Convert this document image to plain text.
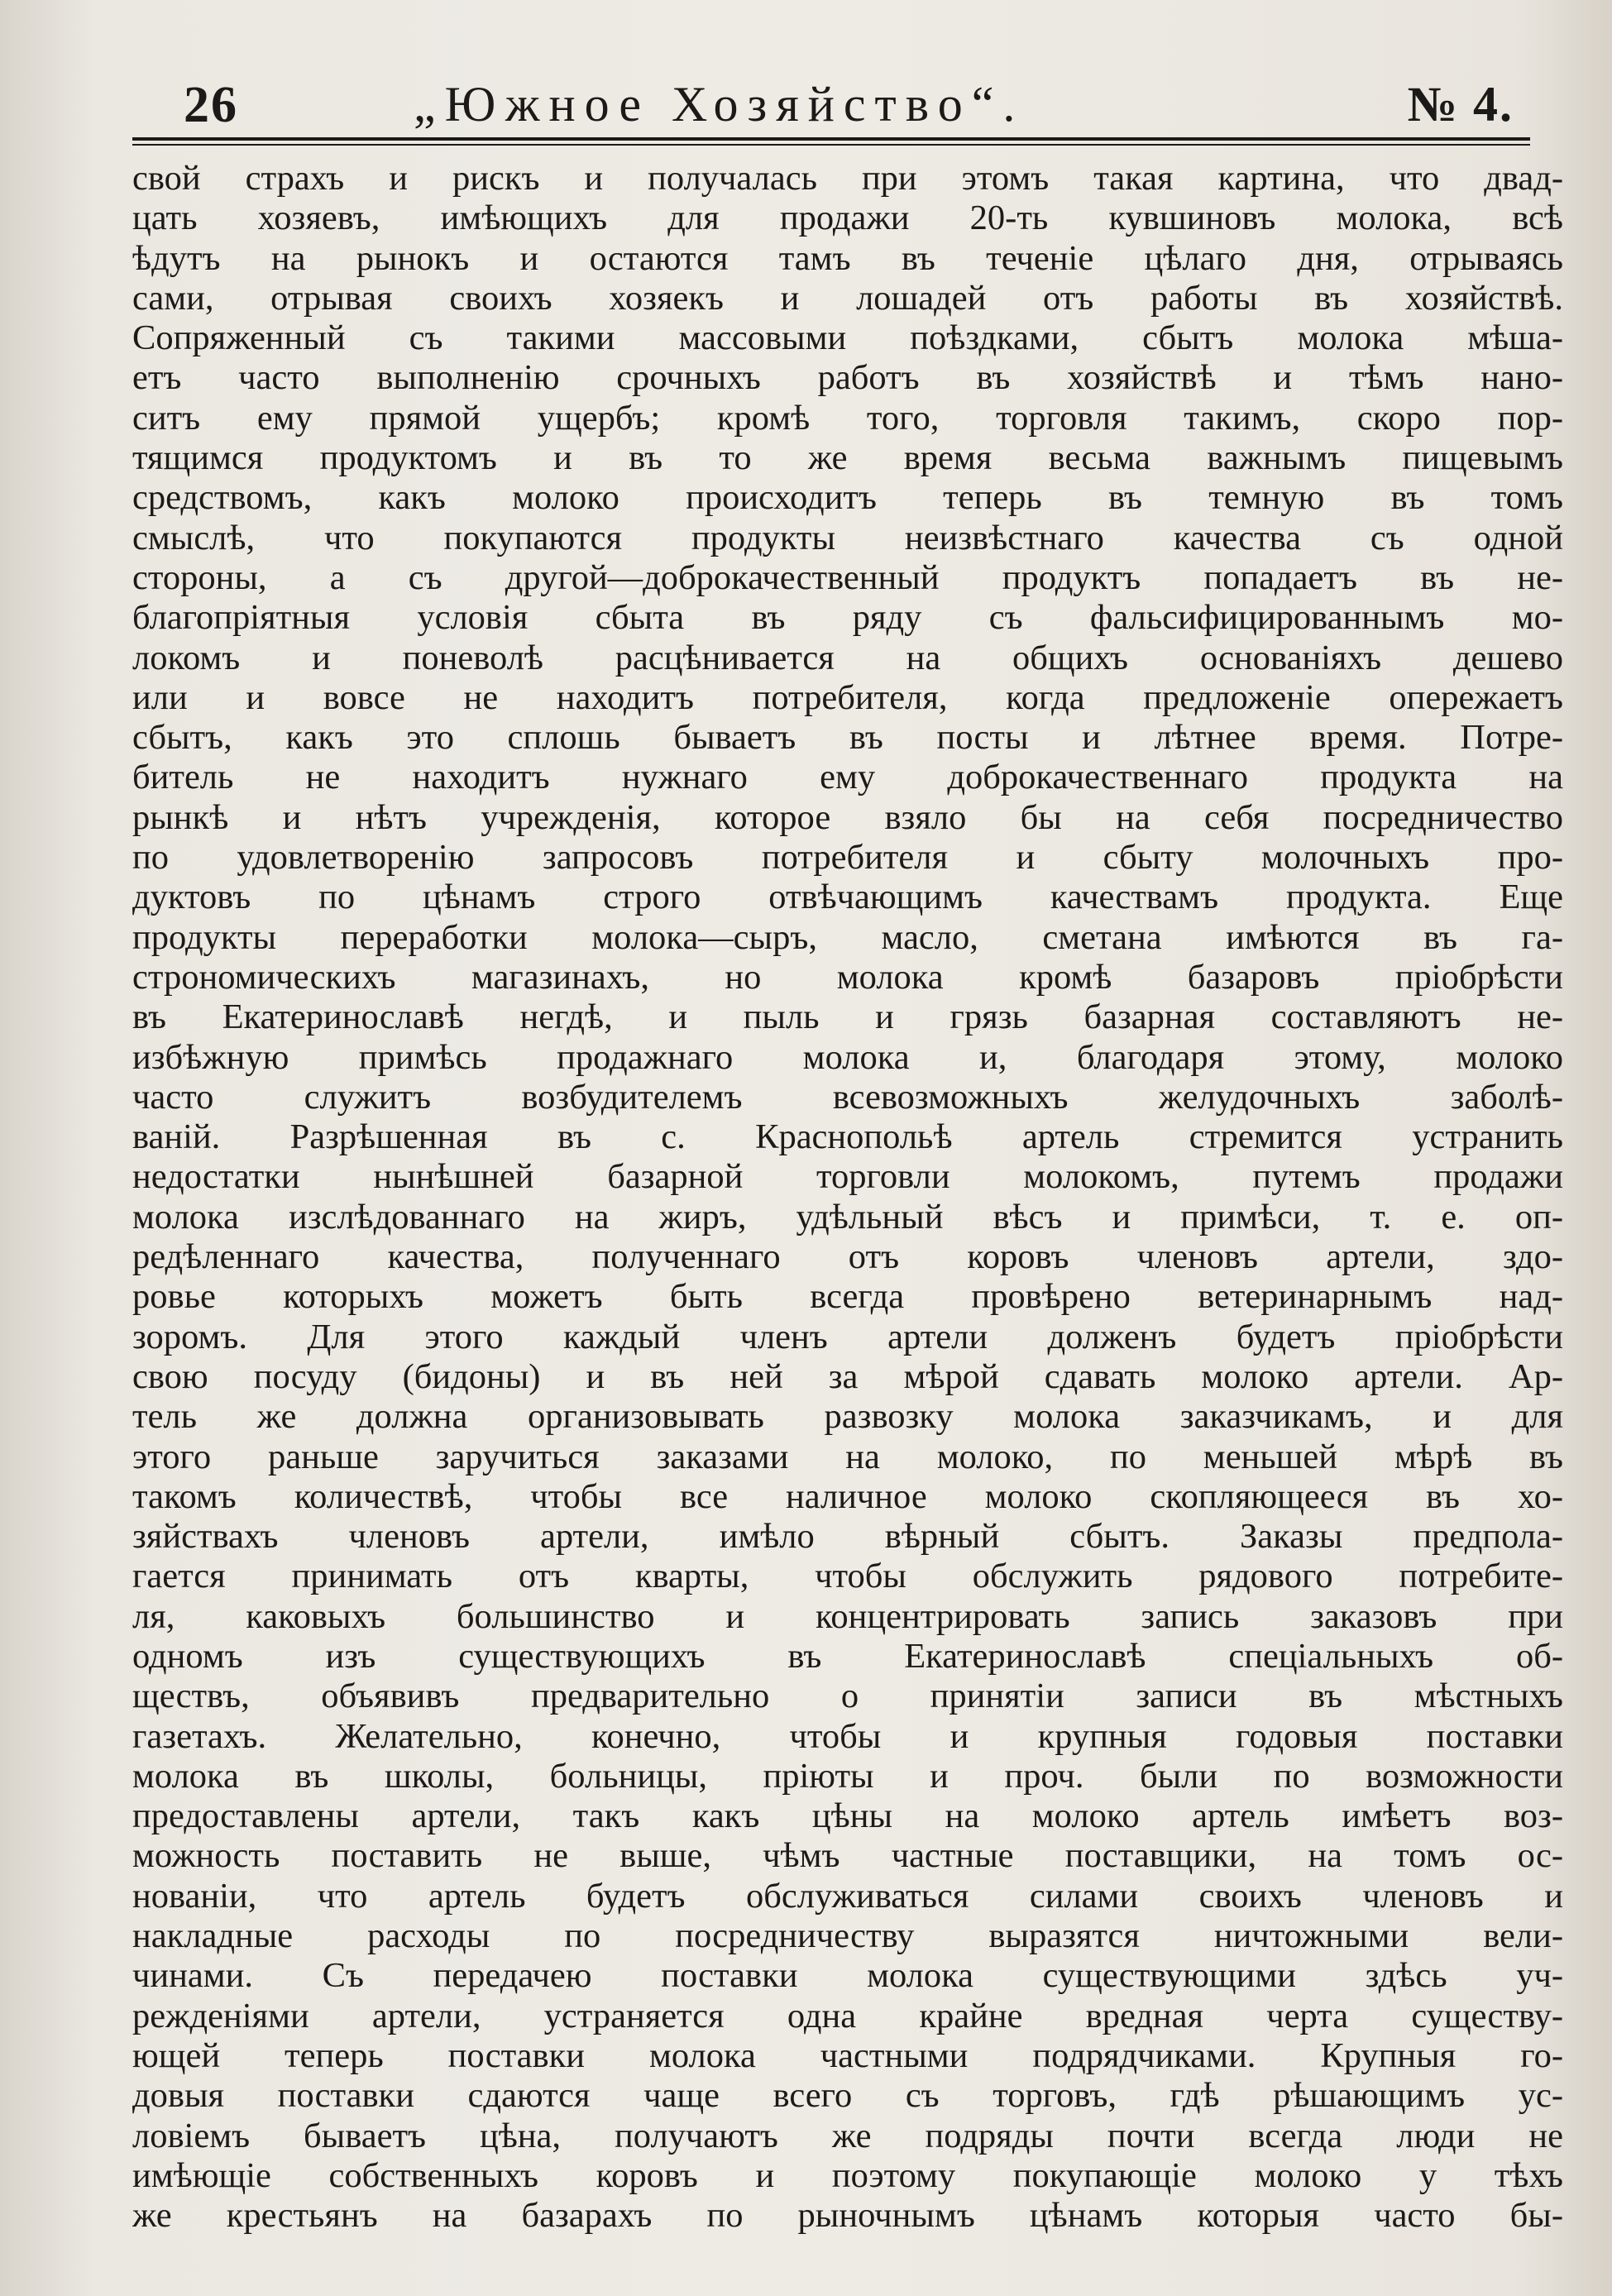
26	„Южное Хозяйство“.	№ 4.
свой страхъ и рискъ и получалась при этомъ такая картина, что двад-
цать хозяевъ, имѣющихъ для продажи 20-ть кувшиновъ молока, всѣ
ѣдутъ на рынокъ и остаются тамъ въ теченіе цѣлаго дня, отрываясь
сами, отрывая своихъ хозяекъ и лошадей отъ работы въ хозяйствѣ.
Сопряженный съ такими массовыми поѣздками, сбытъ молока мѣша-
етъ часто выполненію срочныхъ работъ въ хозяйствѣ и тѣмъ нано-
ситъ ему прямой ущербъ; кромѣ того, торговля такимъ, скоро пор-
тящимся продуктомъ и въ то же время весьма важнымъ пищевымъ
средствомъ, какъ молоко происходитъ теперь въ темную въ томъ
смыслѣ, что покупаются продукты неизвѣстнаго качества съ одной
стороны, а съ другой—доброкачественный продуктъ попадаетъ въ не-
благопріятныя условія сбыта въ ряду съ фальсифицированнымъ мо-
локомъ и поневолѣ расцѣнивается на общихъ основаніяхъ дешево
или и вовсе не находитъ потребителя, когда предложеніе опережаетъ
сбытъ, какъ это сплошь бываетъ въ посты и лѣтнее время. Потре-
битель не находитъ нужнаго ему доброкачественнаго продукта на
рынкѣ и нѣтъ учрежденія, которое взяло бы на себя посредничество
по удовлетворенію запросовъ потребителя и сбыту молочныхъ про-
дуктовъ по цѣнамъ строго отвѣчающимъ качествамъ продукта. Еще
продукты переработки молока—сыръ, масло, сметана имѣются въ га-
строномическихъ магазинахъ, но молока кромѣ базаровъ пріобрѣсти
въ Екатеринославѣ негдѣ, и пыль и грязь базарная составляютъ не-
избѣжную примѣсь продажнаго молока и, благодаря этому, молоко
часто служитъ возбудителемъ всевозможныхъ желудочныхъ заболѣ-
ваній. Разрѣшенная въ с. Краснопольѣ артель стремится устранить
недостатки нынѣшней базарной торговли молокомъ, путемъ продажи
молока изслѣдованнаго на жиръ, удѣльный вѣсъ и примѣси, т. е. оп-
редѣленнаго качества, полученнаго отъ коровъ членовъ артели, здо-
ровье которыхъ можетъ быть всегда провѣрено ветеринарнымъ над-
зоромъ. Для этого каждый членъ артели долженъ будетъ пріобрѣсти
свою посуду (бидоны) и въ ней за мѣрой сдавать молоко артели. Ар-
тель же должна организовывать развозку молока заказчикамъ, и для
этого раньше заручиться заказами на молоко, по меньшей мѣрѣ въ
такомъ количествѣ, чтобы все наличное молоко скопляющееся въ хо-
зяйствахъ членовъ артели, имѣло вѣрный сбытъ. Заказы предпола-
гается принимать отъ кварты, чтобы обслужить рядового потребите-
ля, каковыхъ большинство и концентрировать запись заказовъ при
одномъ изъ существующихъ въ Екатеринославѣ спеціальныхъ об-
ществъ, объявивъ предварительно о принятіи записи въ мѣстныхъ
газетахъ. Желательно, конечно, чтобы и крупныя годовыя поставки
молока въ школы, больницы, пріюты и проч. были по возможности
предоставлены артели, такъ какъ цѣны на молоко артель имѣетъ воз-
можность поставить не выше, чѣмъ частные поставщики, на томъ ос-
нованіи, что артель будетъ обслуживаться силами своихъ членовъ и
накладные расходы по посредничеству выразятся ничтожными вели-
чинами. Съ передачею поставки молока существующими здѣсь уч-
режденіями артели, устраняется одна крайне вредная черта существу-
ющей теперь поставки молока частными подрядчиками. Крупныя го-
довыя поставки сдаются чаще всего съ торговъ, гдѣ рѣшающимъ ус-
ловіемъ бываетъ цѣна, получаютъ же подряды почти всегда люди не
имѣющіе собственныхъ коровъ и поэтому покупающіе молоко у тѣхъ
же крестьянъ на базарахъ по рыночнымъ цѣнамъ которыя часто бы-
